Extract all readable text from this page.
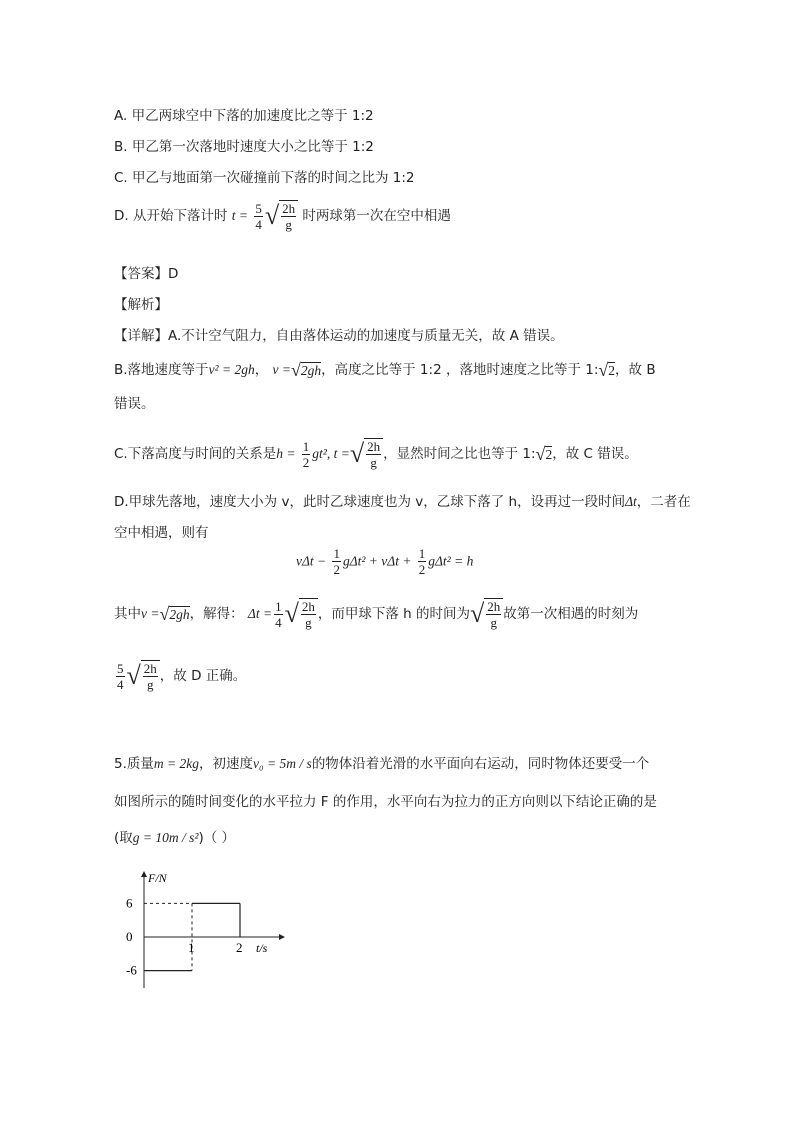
A. 甲乙两球空中下落的加速度比之等于 1:2
B. 甲乙第一次落地时速度大小之比等于 1:2
C. 甲乙与地面第一次碰撞前下落的时间之比为 1:2
D. 从开始下落计时 $t = \frac{5}{4}$ √ $\frac{2h}{g}$ 时两球第一次在空中相遇
【答案】D
【解析】
【详解】A.不计空气阻力，自由落体运动的加速度与质量无关，故 A 错误。
B.落地速度等于v² = 2gh， v =√2gh，高度之比等于 1:2 ，落地时速度之比等于 1:√2，故 B
错误。
C.下落高度与时间的关系是$h = \frac{1}{2} gt^2$, t =√ $\frac{2h}{g}$ ，显然时间之比也等于 1:√2，故 C 错误。
D.甲球先落地，速度大小为 v，此时乙球速度也为 v，乙球下落了 h，设再过一段时间Δt，二者在
空中相遇，则有
$v\Delta t - \frac{1}{2} g\Delta t^2 + v\Delta t + \frac{1}{2} g\Delta t^2 = h$
其中v =√2gh，解得： $\Delta t = \frac{1}{4}$ √ $\frac{2h}{g}$ ，而甲球下落 h 的时间为√ $\frac{2h}{g}$ 故第一次相遇的时刻为
$\frac{5}{4}$ √ $\frac{2h}{g}$ ，故 D 正确。
5.质量m = 2kg，初速度v₀ = 5m / s的物体沿着光滑的水平面向右运动，同时物体还要受一个
如图所示的随时间变化的水平拉力 F 的作用，水平向右为拉力的正方向则以下结论正确的是
(取g = 10m / s²)（ ）
F/N
t/s
6
0
-6
1	2
